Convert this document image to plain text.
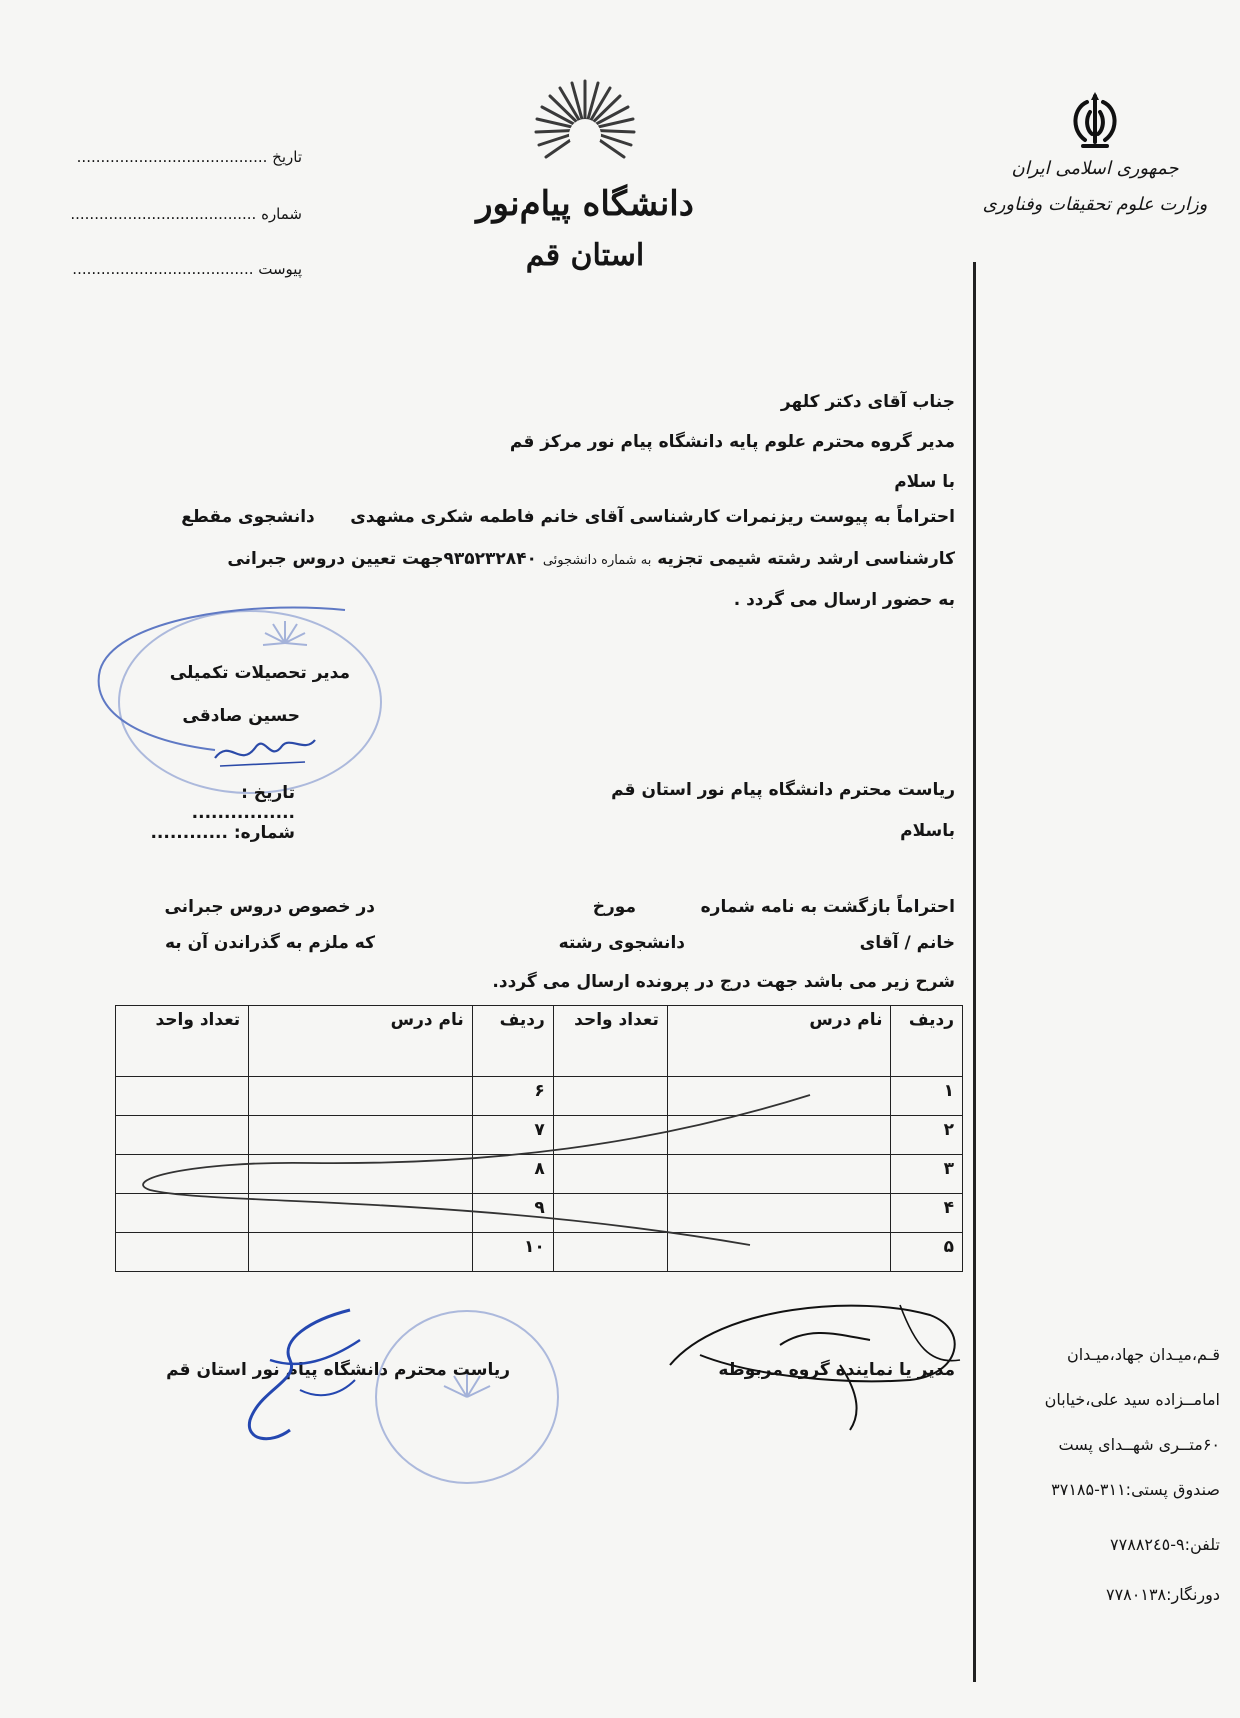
تاریخ ........................................
شماره .......................................
پیوست ......................................
دانشگاه پیام‌نور
استان قم
جمهوری اسلامی ایران
وزارت علوم تحقیقات وفناوری
جناب آقای دکتر کلهر
مدیر گروه محترم علوم پایه دانشگاه پیام نور مرکز قم
با سلام
احتراماً به پیوست ریزنمرات کارشناسی آقای خانم فاطمه شکری مشهدی      دانشجوی مقطع
کارشناسی ارشد رشته شیمی تجزیه به شماره دانشجوئی ۹۳۵۲۳۲۸۴۰جهت تعیین دروس جبرانی
به حضور ارسال می گردد .
مدیر تحصیلات تکمیلی
حسین صادقی
تاریخ : ................
شماره: ............
ریاست محترم دانشگاه پیام نور استان قم
باسلام
احتراماً بازگشت به نامه شماره
مورخ
در خصوص دروس جبرانی
خانم / آقای
دانشجوی رشته
که ملزم به گذراندن آن به
شرح زیر می باشد جهت درج در پرونده ارسال می گردد.
ردیف	نام درس	تعداد واحد	ردیف	نام درس	تعداد واحد
۱			۶		
۲			۷		
۳			۸		
۴			۹		
۵			۱۰		
مدیر یا نماینده گروه مربوطه
ریاست محترم دانشگاه پیام نور استان قم
قـم،میـدان جهاد،میـدان
امامــزاده سید علی،خیابان
۶۰متــری شهــدای پست
صندوق پستی:۳۱۱-۳۷۱۸۵
تلفن:۹-۷۷۸۸۲٤٥
دورنگار:۷۷۸۰۱۳۸
